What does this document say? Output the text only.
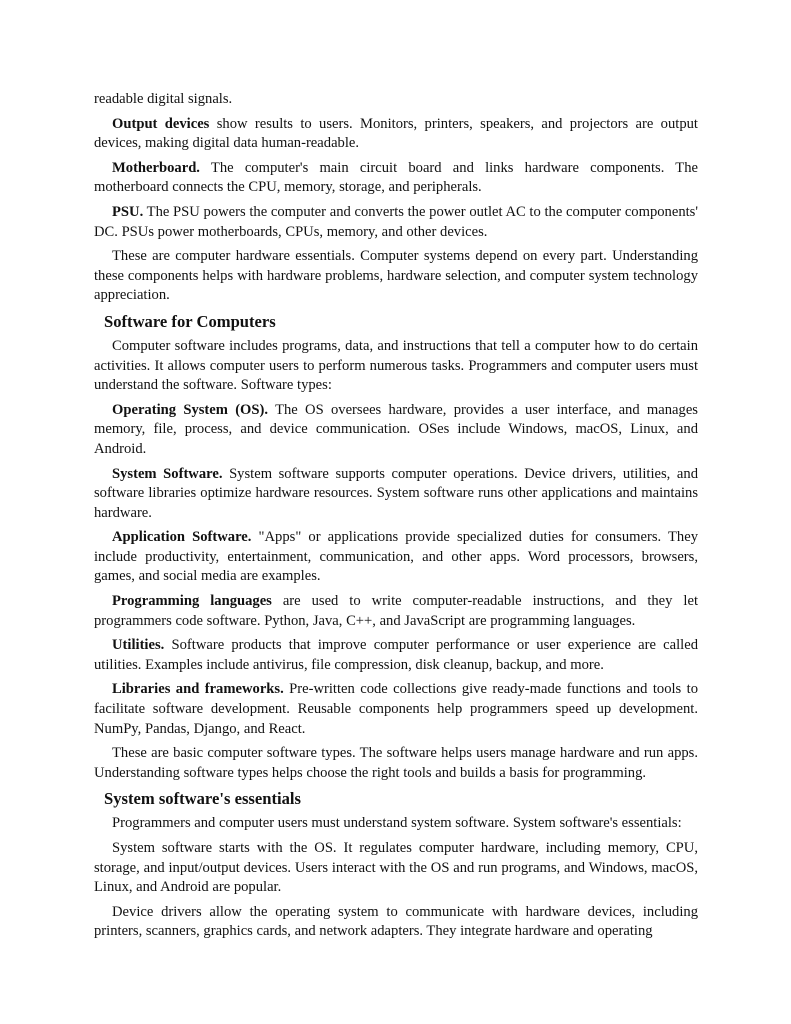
readable digital signals.

Output devices show results to users. Monitors, printers, speakers, and projectors are output devices, making digital data human-readable.

Motherboard. The computer's main circuit board and links hardware components. The motherboard connects the CPU, memory, storage, and peripherals.

PSU. The PSU powers the computer and converts the power outlet AC to the computer components' DC. PSUs power motherboards, CPUs, memory, and other devices.

These are computer hardware essentials. Computer systems depend on every part. Understanding these components helps with hardware problems, hardware selection, and computer system technology appreciation.

Software for Computers

Computer software includes programs, data, and instructions that tell a computer how to do certain activities. It allows computer users to perform numerous tasks. Programmers and computer users must understand the software. Software types:

Operating System (OS). The OS oversees hardware, provides a user interface, and manages memory, file, process, and device communication. OSes include Windows, macOS, Linux, and Android.

System Software. System software supports computer operations. Device drivers, utilities, and software libraries optimize hardware resources. System software runs other applications and maintains hardware.

Application Software. "Apps" or applications provide specialized duties for consumers. They include productivity, entertainment, communication, and other apps. Word processors, browsers, games, and social media are examples.

Programming languages are used to write computer-readable instructions, and they let programmers code software. Python, Java, C++, and JavaScript are programming languages.

Utilities. Software products that improve computer performance or user experience are called utilities. Examples include antivirus, file compression, disk cleanup, backup, and more.

Libraries and frameworks. Pre-written code collections give ready-made functions and tools to facilitate software development. Reusable components help programmers speed up development. NumPy, Pandas, Django, and React.

These are basic computer software types. The software helps users manage hardware and run apps. Understanding software types helps choose the right tools and builds a basis for programming.

System software's essentials

Programmers and computer users must understand system software. System software's essentials:

System software starts with the OS. It regulates computer hardware, including memory, CPU, storage, and input/output devices. Users interact with the OS and run programs, and Windows, macOS, Linux, and Android are popular.

Device drivers allow the operating system to communicate with hardware devices, including printers, scanners, graphics cards, and network adapters. They integrate hardware and operating
